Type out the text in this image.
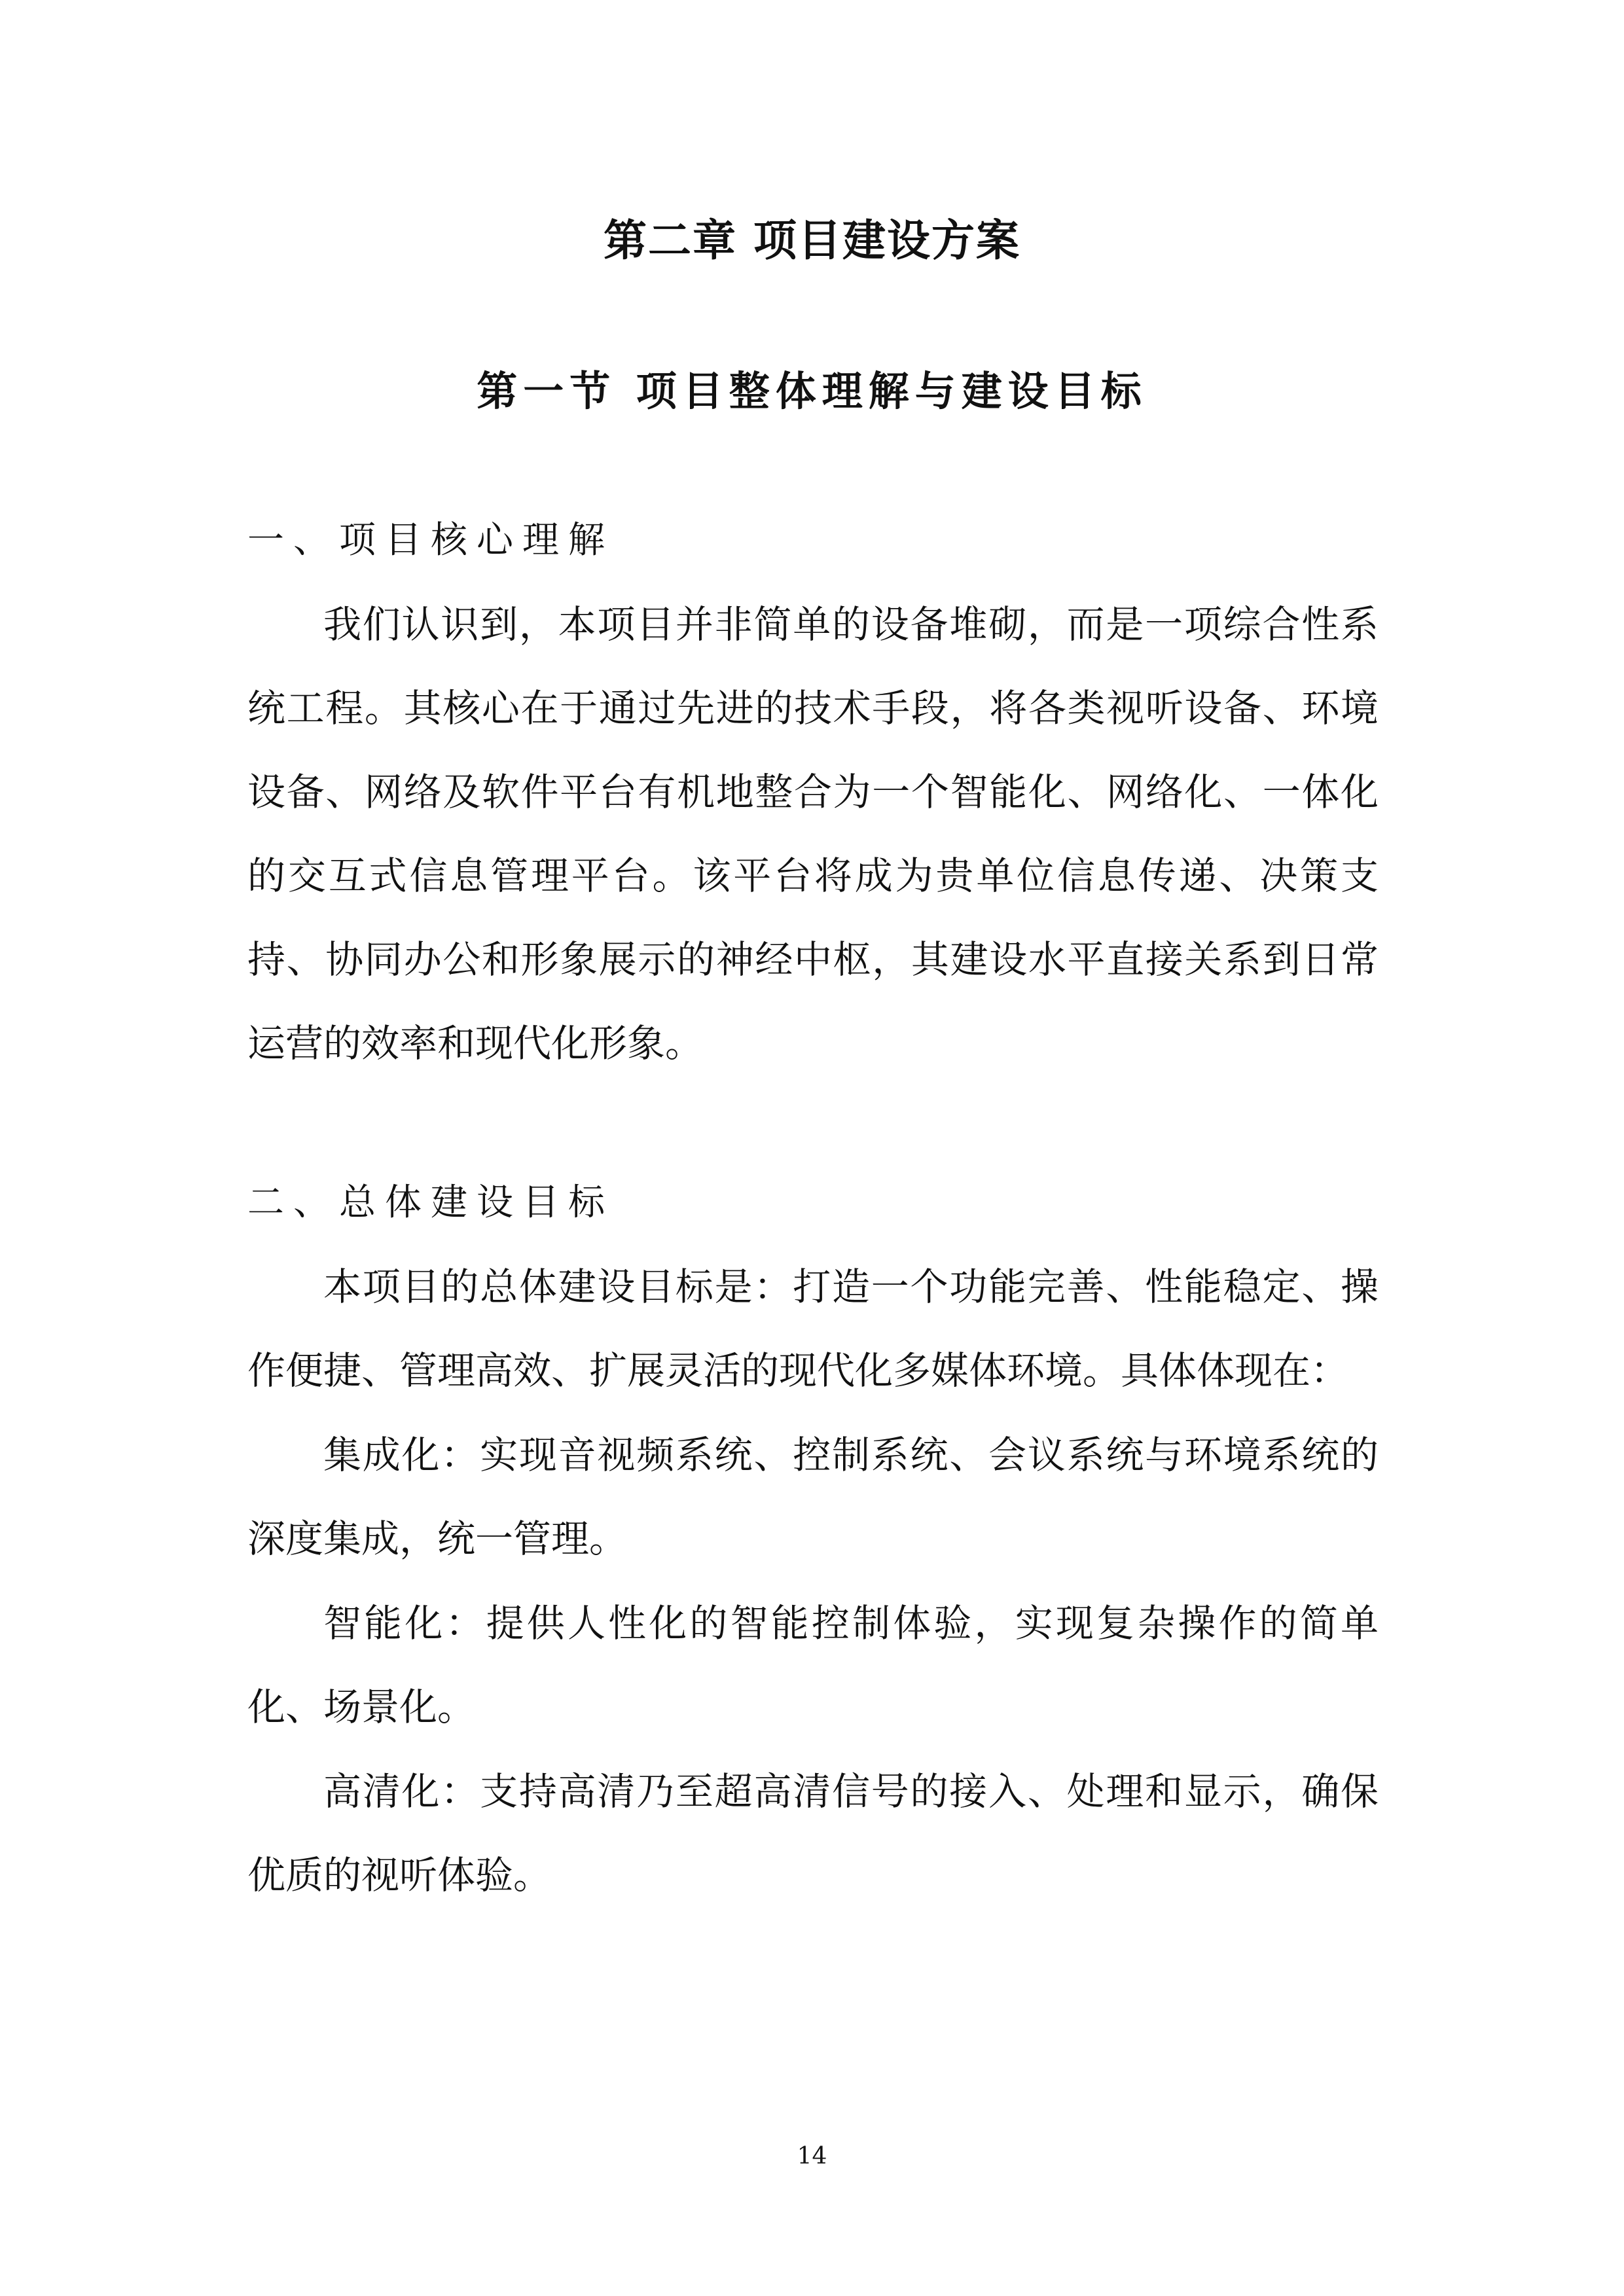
第二章 项目建设方案
第一节 项目整体理解与建设目标
一、项目核心理解

我们认识到，本项目并非简单的设备堆砌，而是一项综合性系统工程。其核心在于通过先进的技术手段，将各类视听设备、环境设备、网络及软件平台有机地整合为一个智能化、网络化、一体化的交互式信息管理平台。该平台将成为贵单位信息传递、决策支持、协同办公和形象展示的神经中枢，其建设水平直接关系到日常运营的效率和现代化形象。

二、总体建设目标

本项目的总体建设目标是：打造一个功能完善、性能稳定、操作便捷、管理高效、扩展灵活的现代化多媒体环境。具体体现在：

集成化：实现音视频系统、控制系统、会议系统与环境系统的深度集成，统一管理。

智能化：提供人性化的智能控制体验，实现复杂操作的简单化、场景化。

高清化：支持高清乃至超高清信号的接入、处理和显示，确保优质的视听体验。

14
